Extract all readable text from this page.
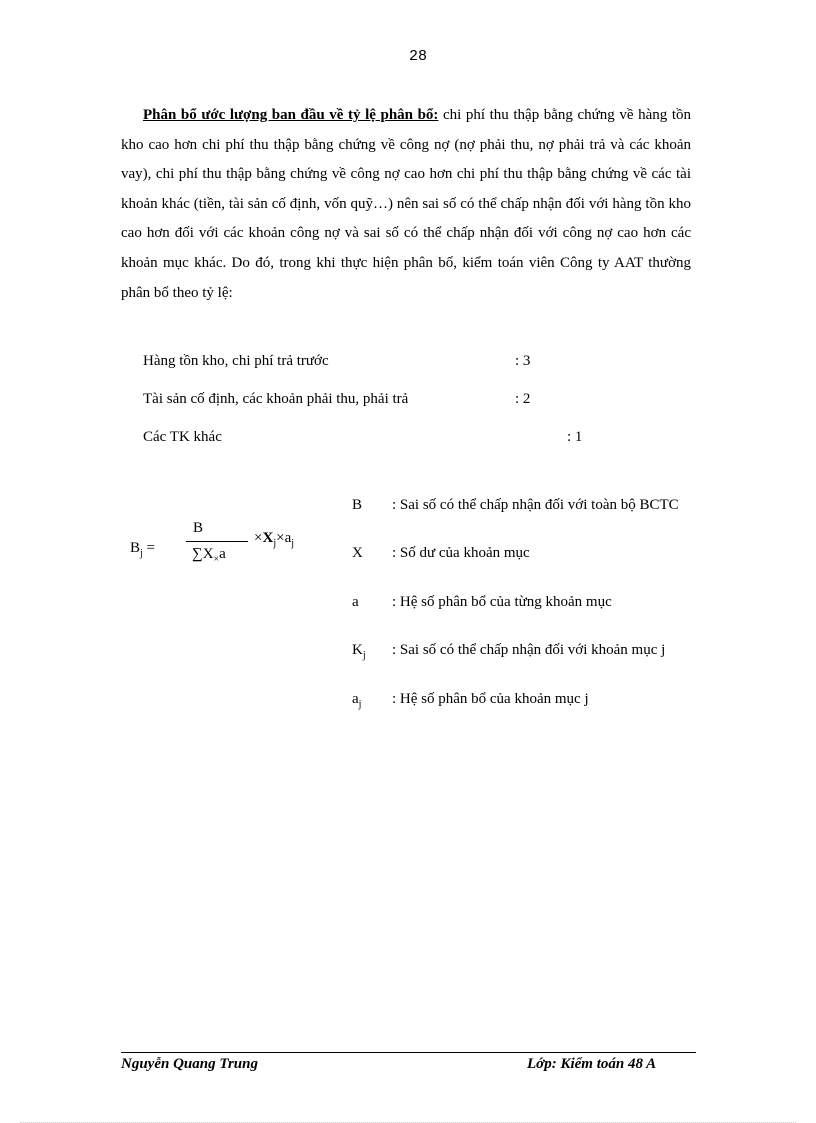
28

Phân bổ ước lượng ban đầu về tỷ lệ phân bổ: chi phí thu thập bằng chứng về hàng tồn kho cao hơn chi phí thu thập bằng chứng về công nợ (nợ phải thu, nợ phải trả và các khoản vay), chi phí thu thập bằng chứng về công nợ cao hơn chi phí thu thập bằng chứng về các tài khoản khác (tiền, tài sản cố định, vốn quỹ…) nên sai số có thể chấp nhận đối với hàng tồn kho cao hơn đối với các khoản công nợ và sai số có thể chấp nhận đối với công nợ cao hơn các khoản mục khác. Do đó, trong khi thực hiện phân bổ, kiểm toán viên Công ty AAT thường phân bổ theo tỷ lệ:

Hàng tồn kho, chi phí trả trước	: 3
Tài sản cố định, các khoản phải thu, phải trả	: 2
Các TK khác	: 1
$B_j$ =
B
$\sum X_\times a$
$\times X_j\times a_j$
B : Sai số có thể chấp nhận đối với toàn bộ BCTC
X : Số dư của khoản mục
a : Hệ số phân bổ của từng khoản mục
$K_j$ : Sai số có thể chấp nhận đối với khoản mục j
$a_j$ : Hệ số phân bổ của khoản mục j
Nguyễn Quang Trung	Lớp: Kiểm toán 48 A
